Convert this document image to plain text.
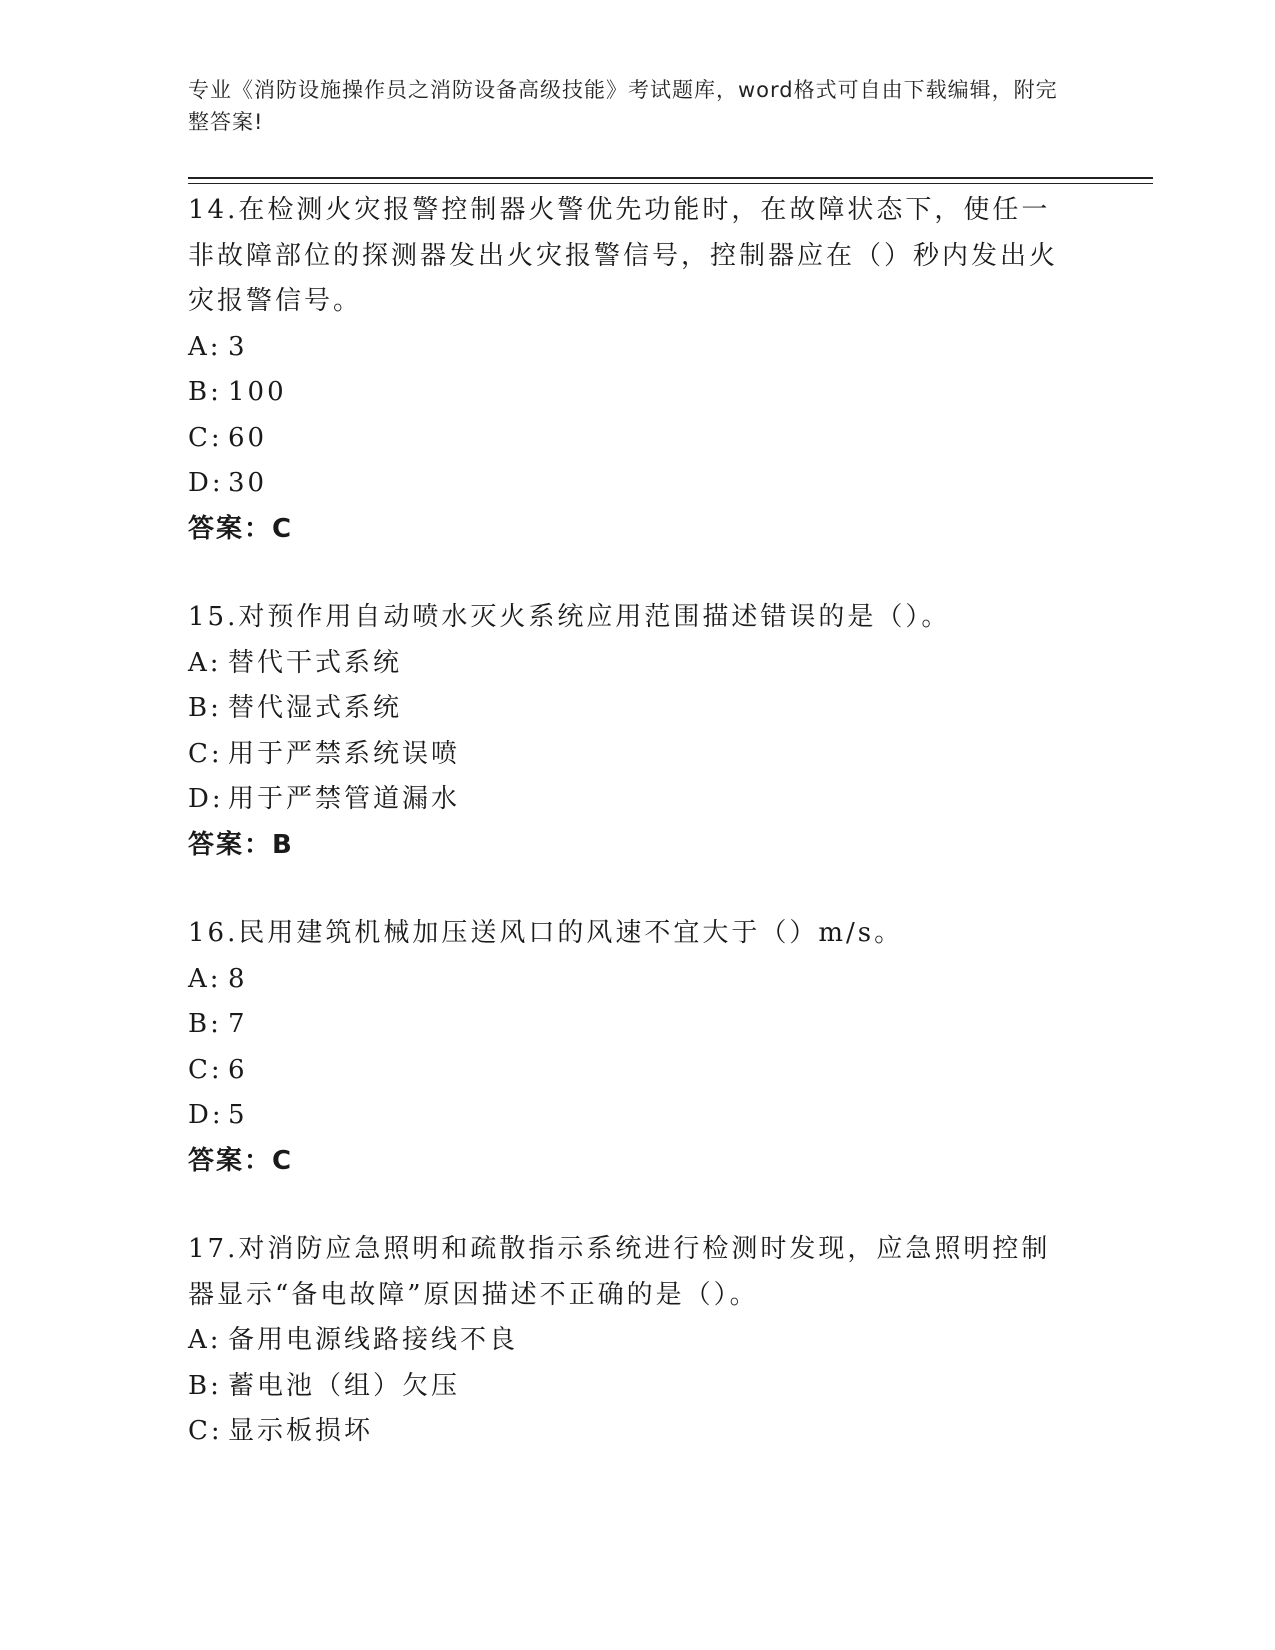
专业《消防设施操作员之消防设备高级技能》考试题库，word格式可自由下载编辑，附完整答案!
14.在检测火灾报警控制器火警优先功能时，在故障状态下，使任一非故障部位的探测器发出火灾报警信号，控制器应在（）秒内发出火灾报警信号。
A: 3
B: 100
C: 60
D: 30
答案：C
15.对预作用自动喷水灭火系统应用范围描述错误的是（）。
A: 替代干式系统
B: 替代湿式系统
C: 用于严禁系统误喷
D: 用于严禁管道漏水
答案：B
16.民用建筑机械加压送风口的风速不宜大于（）m/s。
A: 8
B: 7
C: 6
D: 5
答案：C
17.对消防应急照明和疏散指示系统进行检测时发现，应急照明控制器显示“备电故障”原因描述不正确的是（）。
A: 备用电源线路接线不良
B: 蓄电池（组）欠压
C: 显示板损坏
